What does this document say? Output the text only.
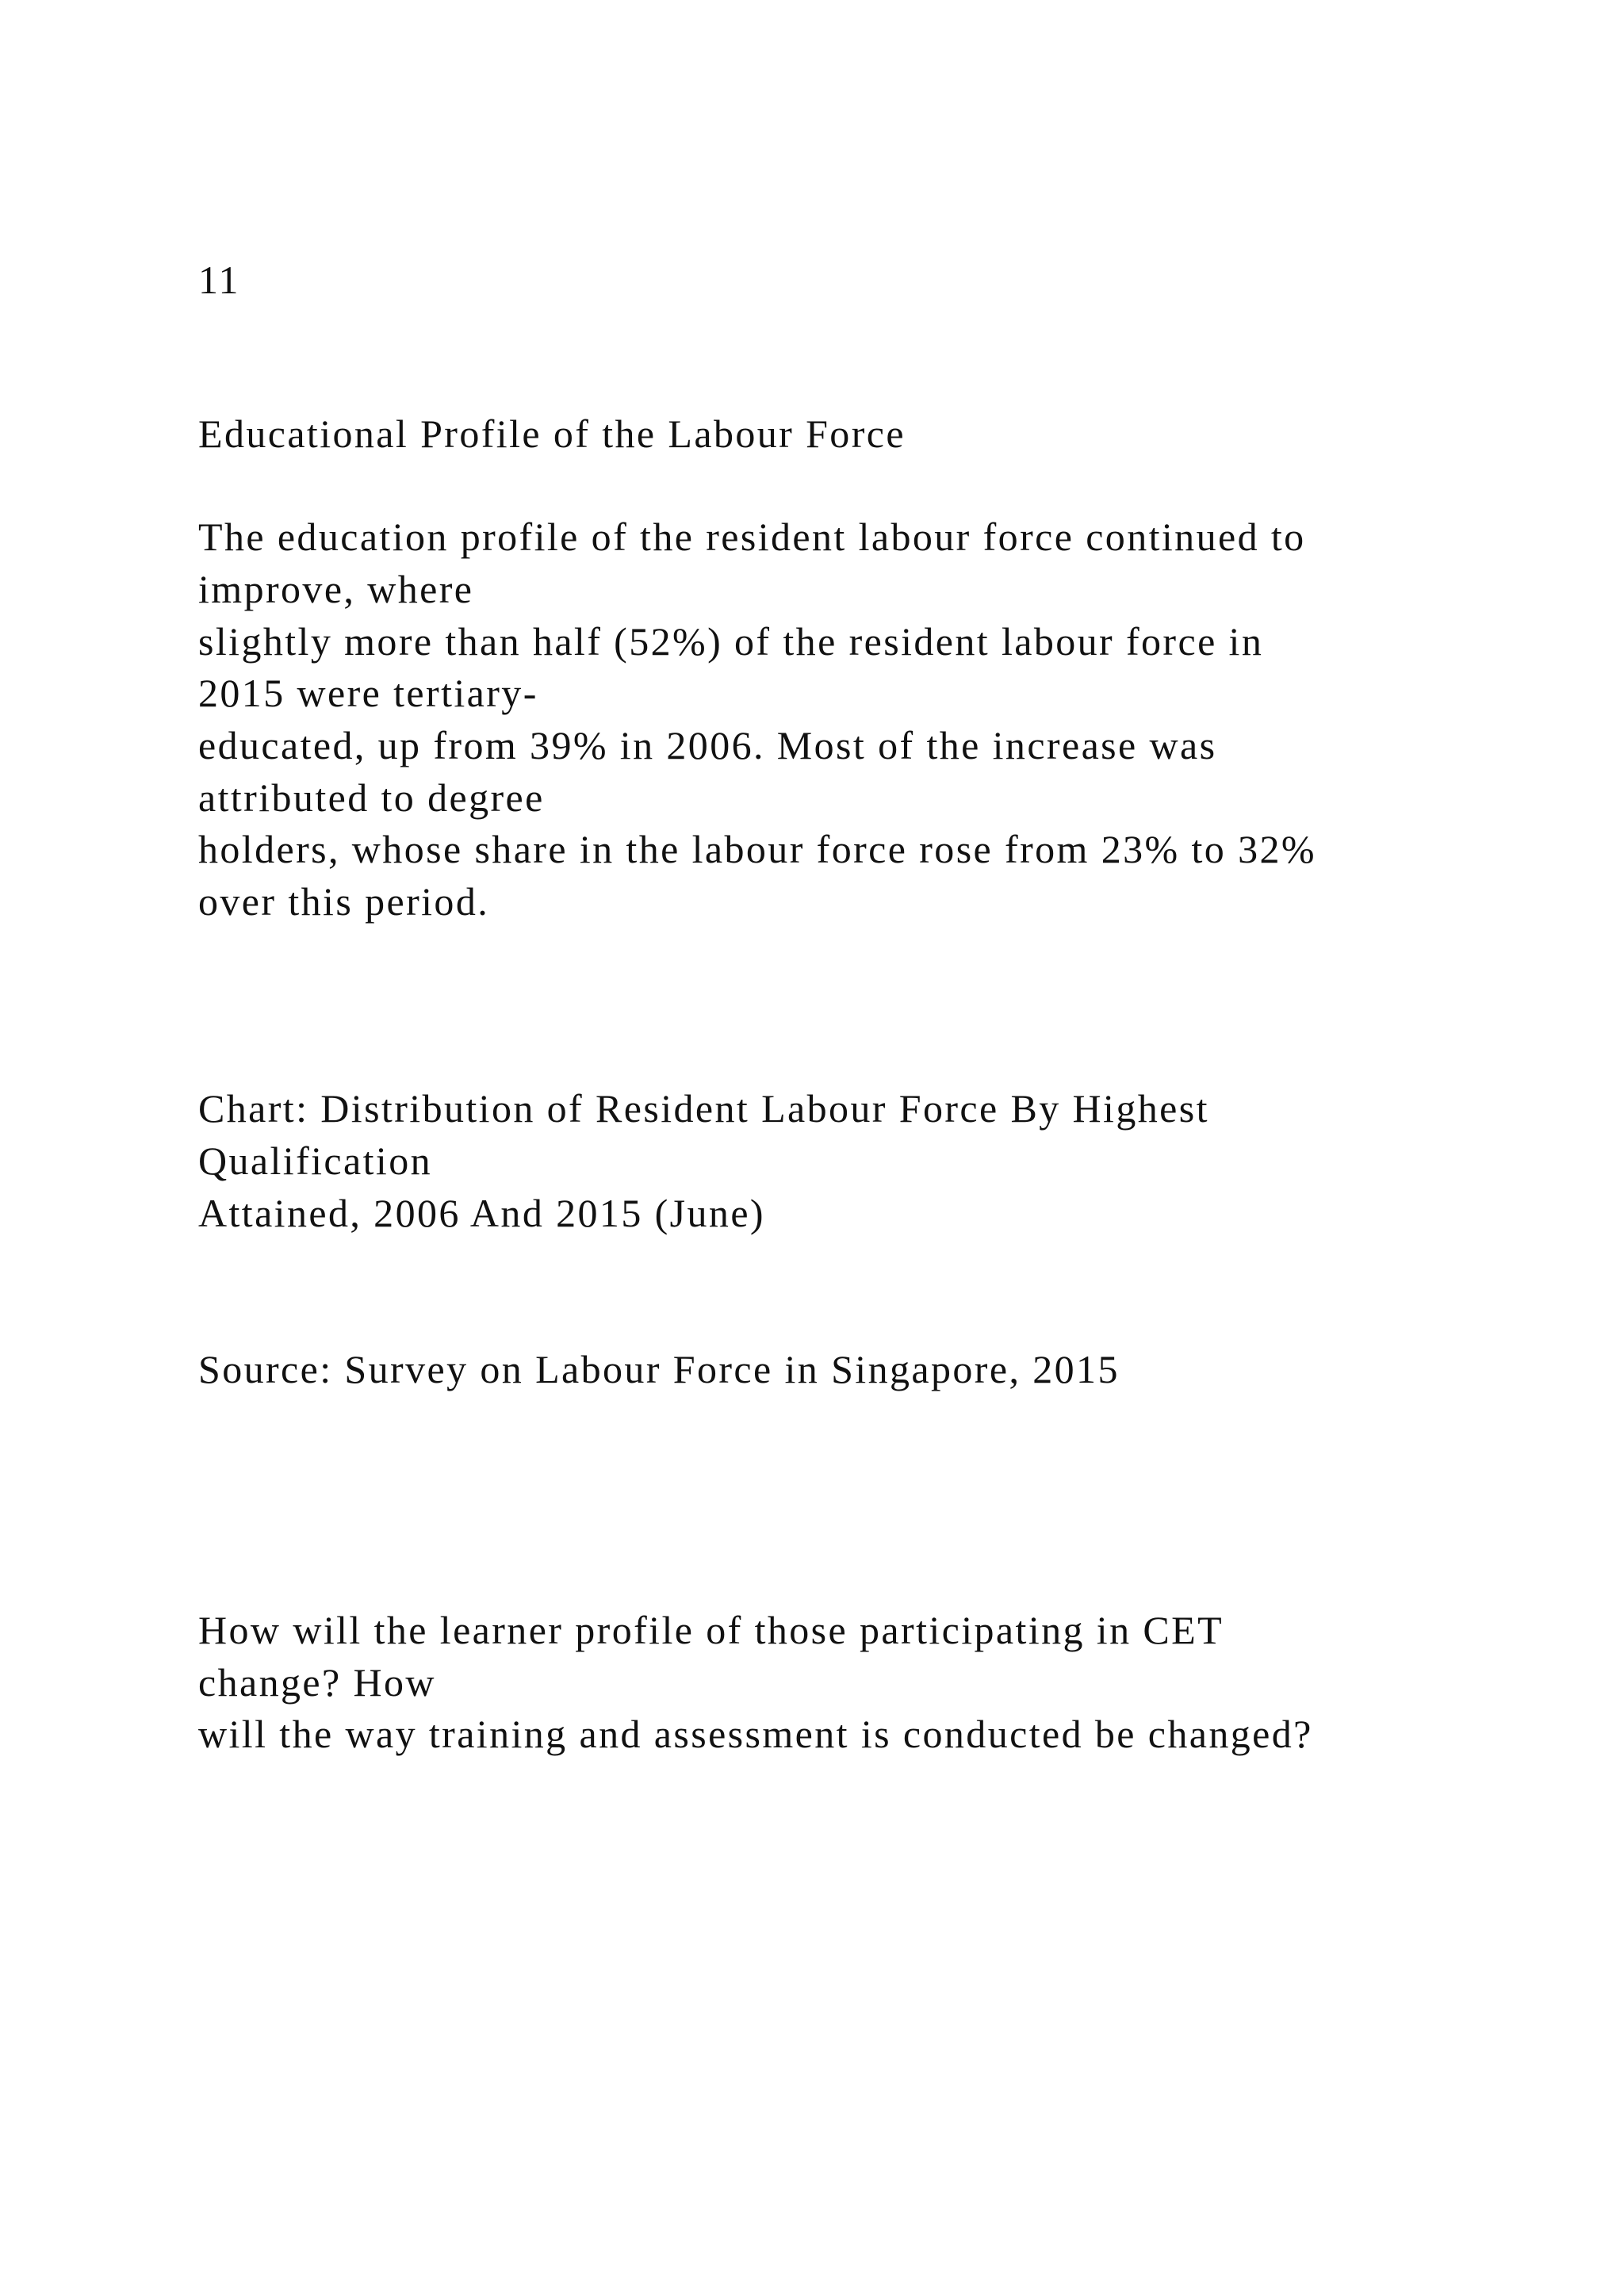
11
Educational Profile of the Labour Force
The education profile of the resident labour force continued to
improve, where
slightly more than half (52%) of the resident labour force in
2015 were tertiary-
educated, up from 39% in 2006. Most of the increase was
attributed to degree
holders, whose share in the labour force rose from 23% to 32%
over this period.
Chart: Distribution of Resident Labour Force By Highest
Qualification
Attained, 2006 And 2015 (June)
Source: Survey on Labour Force in Singapore, 2015
How will the learner profile of those participating in CET
change? How
will the way training and assessment is conducted be changed?
